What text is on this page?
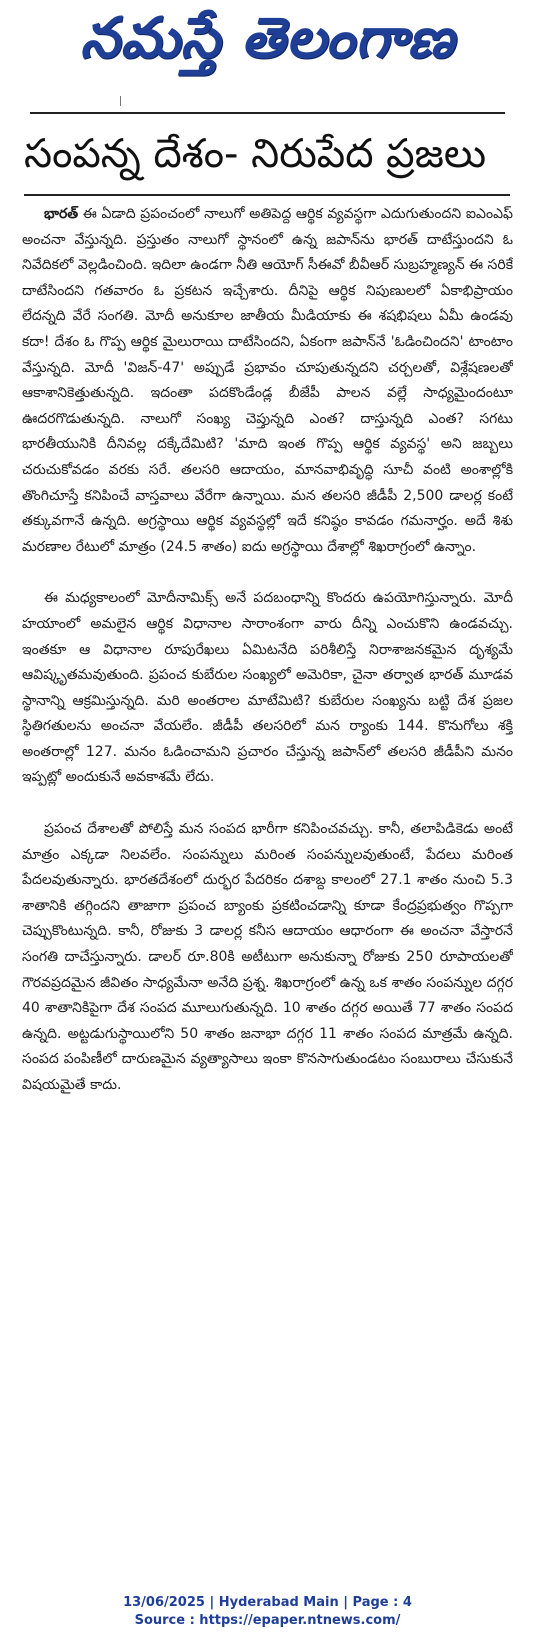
నమస్తే తెలంగాణ
సంపన్న దేశం- నిరుపేద ప్రజలు

భారత్ ఈ ఏడాది ప్రపంచంలో నాలుగో అతిపెద్ద ఆర్థిక వ్యవస్థగా ఎదుగుతుందని ఐఎంఎఫ్ అంచనా వేస్తున్నది. ప్రస్తుతం నాలుగో స్థానంలో ఉన్న జపాన్‌ను భారత్ దాటేస్తుందని ఓ నివేదికలో వెల్లడించింది. ఇదిలా ఉండగా నీతి ఆయోగ్ సీఈవో బీవీఆర్ సుబ్రహ్మణ్యన్ ఈ సరికే దాటేసిందని గతవారం ఓ ప్రకటన ఇచ్చేశారు. దీనిపై ఆర్థిక నిపుణులలో ఏకాభిప్రాయం లేదన్నది వేరే సంగతి. మోదీ అనుకూల జాతీయ మీడియాకు ఈ శషభిషలు ఏమీ ఉండవు కదా! దేశం ఓ గొప్ప ఆర్థిక మైలురాయి దాటేసిందని, ఏకంగా జపాన్‌నే 'ఓడించిందని' టాంటాం వేస్తున్నది. మోదీ 'విజన్-47' అప్పుడే ప్రభావం చూపుతున్నదని చర్చలతో, విశ్లేషణలతో ఆకాశానికెత్తుతున్నది. ఇదంతా పదకొండేండ్ల బీజేపీ పాలన వల్లే సాధ్యమైందంటూ ఊదరగొడుతున్నది. నాలుగో సంఖ్య చెప్తున్నది ఎంత? దాస్తున్నది ఎంత? సగటు భారతీయునికి దీనివల్ల దక్కేదేమిటి? 'మాది ఇంత గొప్ప ఆర్థిక వ్యవస్థ' అని జబ్బలు చరుచుకోవడం వరకు సరే. తలసరి ఆదాయం, మానవాభివృద్ధి సూచీ వంటి అంశాల్లోకి తొంగిచూస్తే కనిపించే వాస్తవాలు వేరేగా ఉన్నాయి. మన తలసరి జీడీపీ 2,500 డాలర్ల కంటే తక్కువగానే ఉన్నది. అగ్రస్థాయి ఆర్థిక వ్యవస్థల్లో ఇదే కనిష్ఠం కావడం గమనార్హం. అదే శిశు మరణాల రేటులో మాత్రం (24.5 శాతం) ఐదు అగ్రస్థాయి దేశాల్లో శిఖరాగ్రంలో ఉన్నాం.

ఈ మధ్యకాలంలో మోదీనామిక్స్ అనే పదబంధాన్ని కొందరు ఉపయోగిస్తున్నారు. మోదీ హయాంలో అమలైన ఆర్థిక విధానాల సారాంశంగా వారు దీన్ని ఎంచుకొని ఉండవచ్చు. ఇంతకూ ఆ విధానాల రూపురేఖలు ఏమిటనేది పరిశీలిస్తే నిరాశాజనకమైన దృశ్యమే ఆవిష్కృతమవుతుంది. ప్రపంచ కుబేరుల సంఖ్యలో అమెరికా, చైనా తర్వాత భారత్ మూడవ స్థానాన్ని ఆక్రమిస్తున్నది. మరి అంతరాల మాటేమిటి? కుబేరుల సంఖ్యను బట్టి దేశ ప్రజల స్థితిగతులను అంచనా వేయలేం. జీడీపీ తలసరిలో మన ర్యాంకు 144. కొనుగోలు శక్తి అంతరాల్లో 127. మనం ఓడించామని ప్రచారం చేస్తున్న జపాన్‌లో తలసరి జీడీపీని మనం ఇప్పట్లో అందుకునే అవకాశమే లేదు.

ప్రపంచ దేశాలతో పోలిస్తే మన సంపద భారీగా కనిపించవచ్చు. కానీ, తలాపిడికెడు అంటే మాత్రం ఎక్కడా నిలవలేం. సంపన్నులు మరింత సంపన్నులవుతుంటే, పేదలు మరింత పేదలవుతున్నారు. భారతదేశంలో దుర్భర పేదరికం దశాబ్ద కాలంలో 27.1 శాతం నుంచి 5.3 శాతానికి తగ్గిందని తాజాగా ప్రపంచ బ్యాంకు ప్రకటించడాన్ని కూడా కేంద్రప్రభుత్వం గొప్పగా చెప్పుకొంటున్నది. కానీ, రోజుకు 3 డాలర్ల కనీస ఆదాయం ఆధారంగా ఈ అంచనా వేస్తారనే సంగతి దాచేస్తున్నారు. డాలర్ రూ.80కి అటీటుగా అనుకున్నా రోజుకు 250 రూపాయలతో గౌరవప్రదమైన జీవితం సాధ్యమేనా అనేది ప్రశ్న. శిఖరాగ్రంలో ఉన్న ఒక శాతం సంపన్నుల దగ్గర 40 శాతానికిపైగా దేశ సంపద మూలుగుతున్నది. 10 శాతం దగ్గర అయితే 77 శాతం సంపద ఉన్నది. అట్టడుగుస్థాయిలోని 50 శాతం జనాభా దగ్గర 11 శాతం సంపద మాత్రమే ఉన్నది. సంపద పంపిణీలో దారుణమైన వ్యత్యాసాలు ఇంకా కొనసాగుతుండటం సంబురాలు చేసుకునే విషయమైతే కాదు.

13/06/2025 | Hyderabad Main | Page : 4
Source : https://epaper.ntnews.com/
